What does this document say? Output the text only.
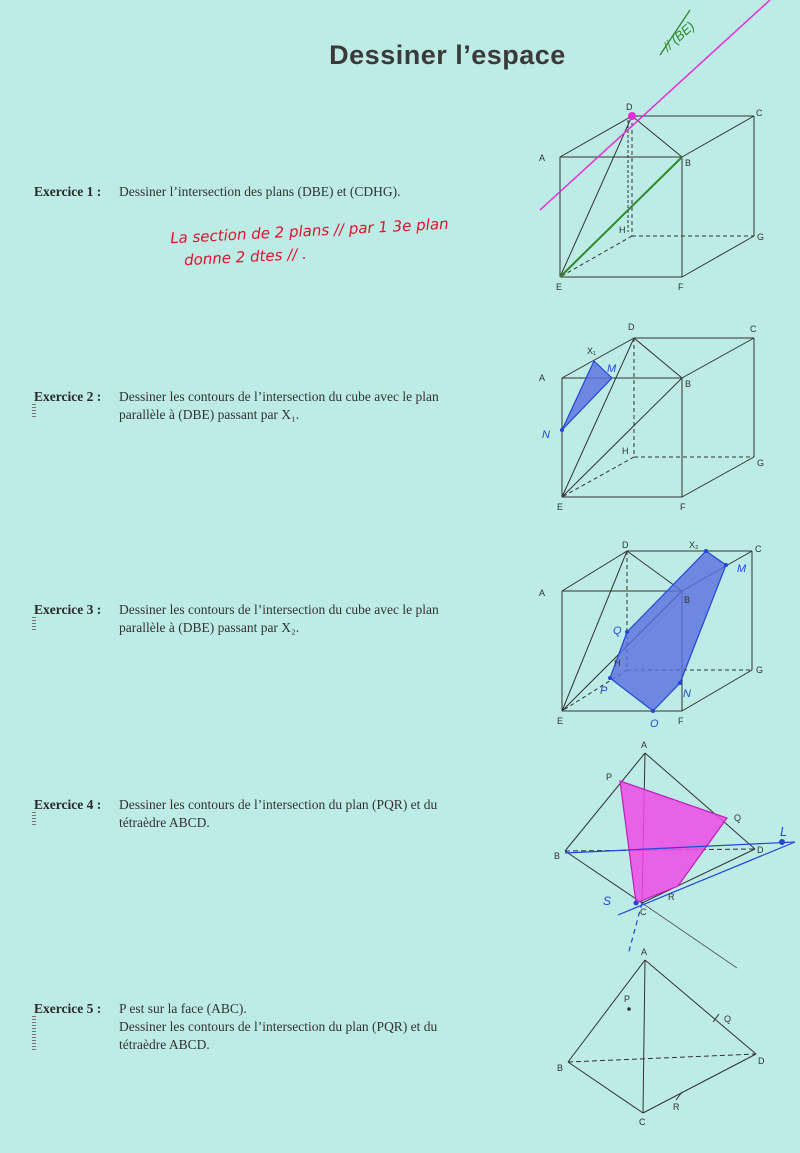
Dessiner l’espace
Exercice 1 : Dessiner l’intersection des plans (DBE) et (CDHG).
La section de 2 plans // par 1 3e plan
donne 2 dtes // .
Exercice 2 : Dessiner les contours de l’intersection du cube avec le plan
parallèle à (DBE) passant par X₁.
Exercice 3 : Dessiner les contours de l’intersection du cube avec le plan
parallèle à (DBE) passant par X₂.
Exercice 4 : Dessiner les contours de l’intersection du plan (PQR) et du
tétraèdre ABCD.
Exercice 5 : P est sur la face (ABC).
Dessiner les contours de l’intersection du plan (PQR) et du
tétraèdre ABCD.
A	B
C
D
E	F
G
H
A
B
C
D
E	F
G
H
X₁
M
N
A
B
C
D
E	F
G
H
X₂
M
N
O
P
Q
A
B
C
D
P
Q
R
S
L
A
B
C
D
P
Q
R
// (BE)
